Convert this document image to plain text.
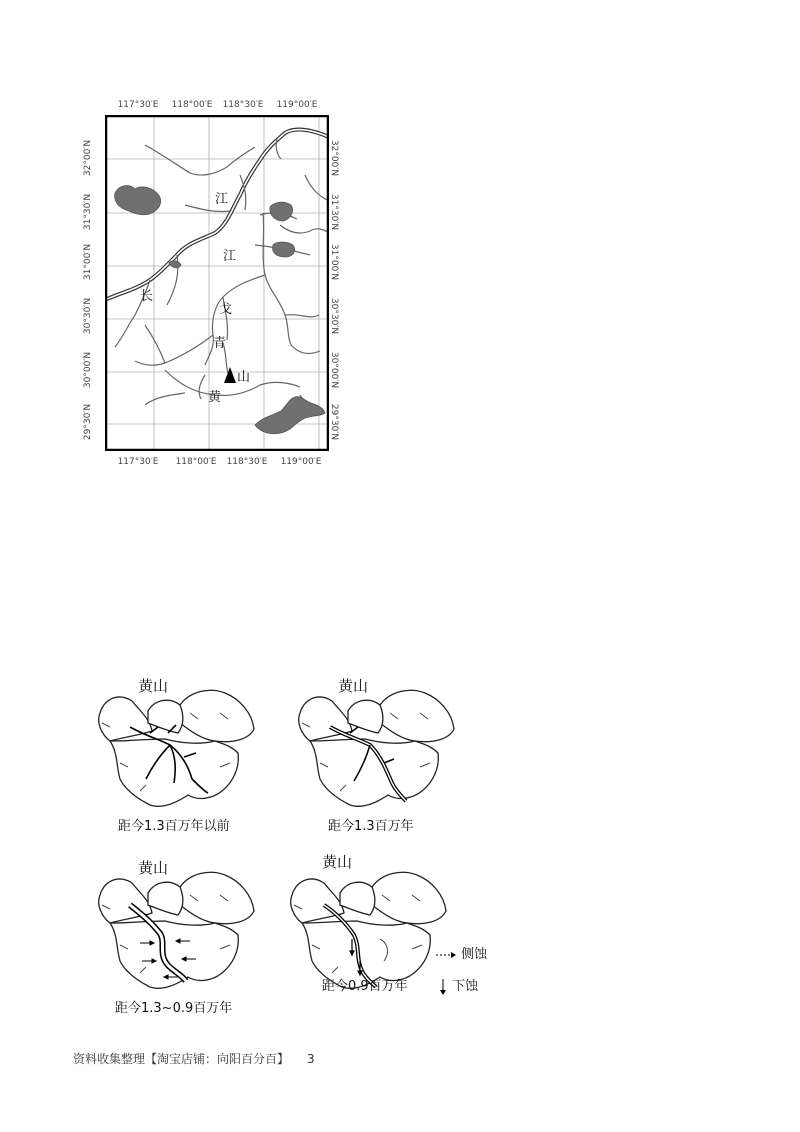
117°30′E 118°00′E 118°30′E 119°00′E
117°30′E 118°00′E 118°30′E 119°00′E
32°00′N
31°30′N
31°00′N
30°30′N
30°00′N
29°30′N
32°00′N
31°30′N
31°00′N
30°30′N
30°00′N
29°30′N
江
江
长
戈
青
黄
山
黄山
距今1.3百万年以前
黄山
距今1.3百万年
黄山
距今1.3~0.9百万年
黄山
距今0.9百万年
侧蚀
下蚀
资料收集整理【淘宝店铺：向阳百分百】 3
